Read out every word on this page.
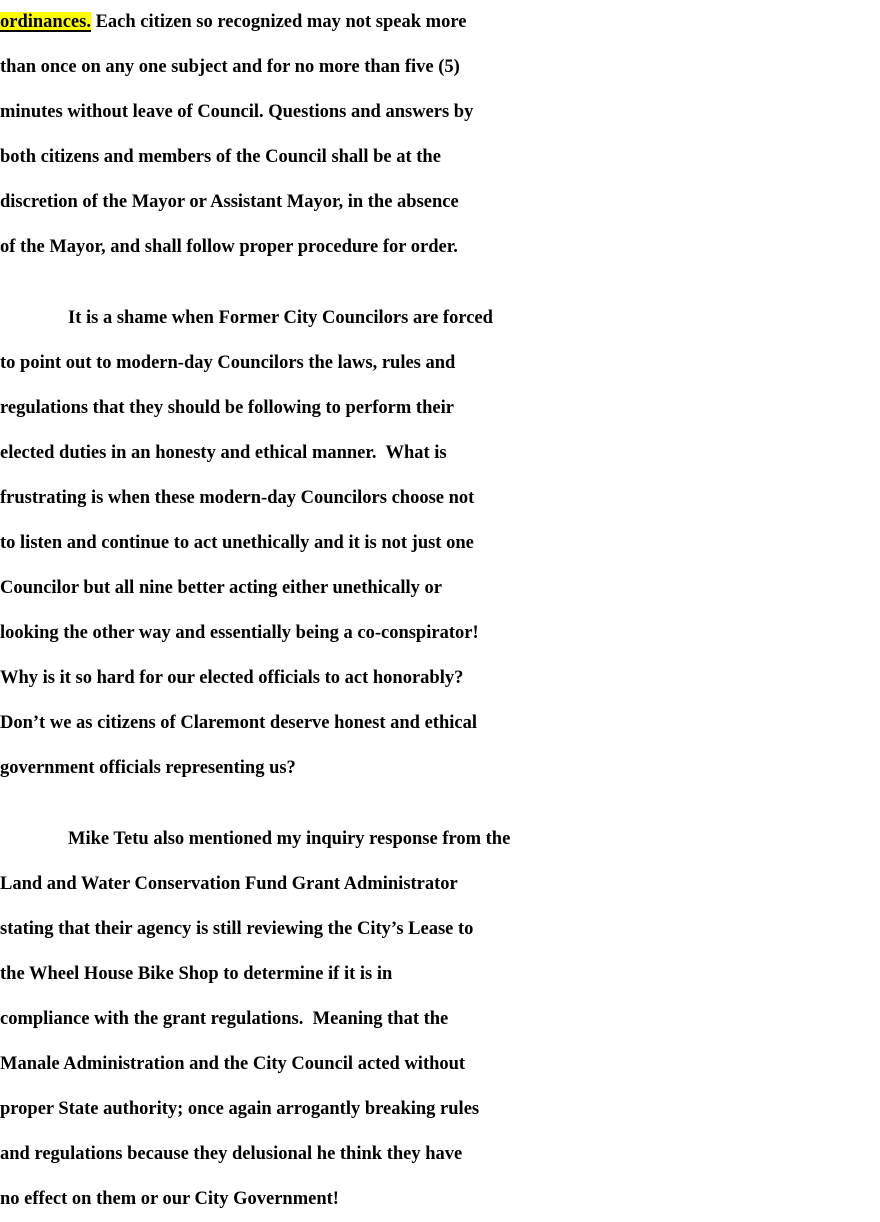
ordinances. Each citizen so recognized may not speak more
than once on any one subject and for no more than five (5)
minutes without leave of Council. Questions and answers by
both citizens and members of the Council shall be at the
discretion of the Mayor or Assistant Mayor, in the absence
of the Mayor, and shall follow proper procedure for order.
It is a shame when Former City Councilors are forced
to point out to modern-day Councilors the laws, rules and
regulations that they should be following to perform their
elected duties in an honesty and ethical manner.  What is
frustrating is when these modern-day Councilors choose not
to listen and continue to act unethically and it is not just one
Councilor but all nine better acting either unethically or
looking the other way and essentially being a co-conspirator!
Why is it so hard for our elected officials to act honorably?
Don’t we as citizens of Claremont deserve honest and ethical
government officials representing us?
Mike Tetu also mentioned my inquiry response from the
Land and Water Conservation Fund Grant Administrator
stating that their agency is still reviewing the City’s Lease to
the Wheel House Bike Shop to determine if it is in
compliance with the grant regulations.  Meaning that the
Manale Administration and the City Council acted without
proper State authority; once again arrogantly breaking rules
and regulations because they delusional he think they have
no effect on them or our City Government!
